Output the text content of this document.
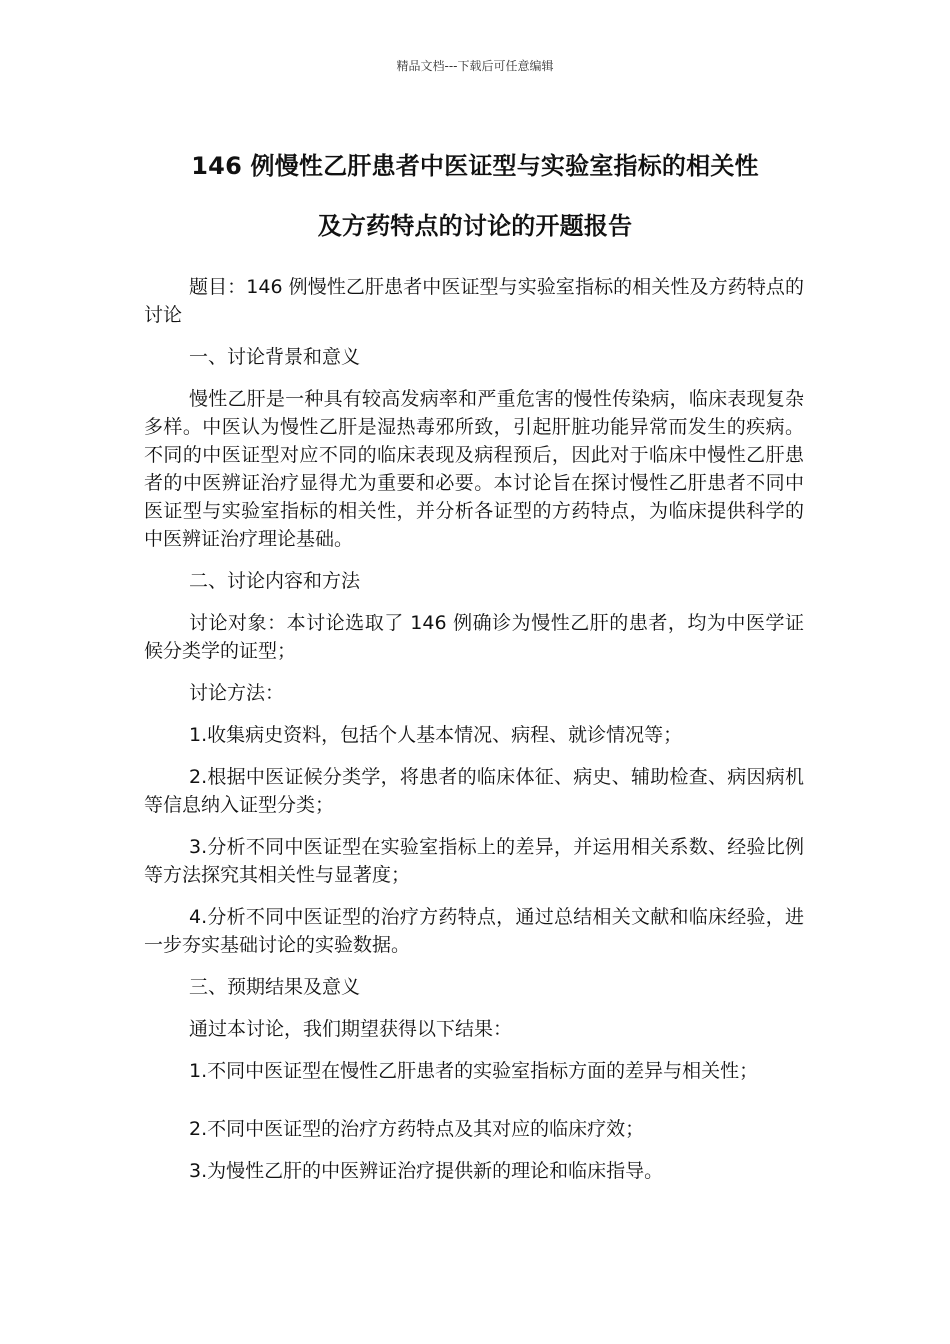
精品文档---下载后可任意编辑
146 例慢性乙肝患者中医证型与实验室指标的相关性
及方药特点的讨论的开题报告

题目：146 例慢性乙肝患者中医证型与实验室指标的相关性及方药特点的讨论

一、讨论背景和意义

慢性乙肝是一种具有较高发病率和严重危害的慢性传染病，临床表现复杂多样。中医认为慢性乙肝是湿热毒邪所致，引起肝脏功能异常而发生的疾病。不同的中医证型对应不同的临床表现及病程预后，因此对于临床中慢性乙肝患者的中医辨证治疗显得尤为重要和必要。本讨论旨在探讨慢性乙肝患者不同中医证型与实验室指标的相关性，并分析各证型的方药特点，为临床提供科学的中医辨证治疗理论基础。

二、讨论内容和方法

讨论对象：本讨论选取了 146 例确诊为慢性乙肝的患者，均为中医学证候分类学的证型；

讨论方法：

1.收集病史资料，包括个人基本情况、病程、就诊情况等；

2.根据中医证候分类学，将患者的临床体征、病史、辅助检查、病因病机等信息纳入证型分类；

3.分析不同中医证型在实验室指标上的差异，并运用相关系数、经验比例等方法探究其相关性与显著度；

4.分析不同中医证型的治疗方药特点，通过总结相关文献和临床经验，进一步夯实基础讨论的实验数据。

三、预期结果及意义

通过本讨论，我们期望获得以下结果：

1.不同中医证型在慢性乙肝患者的实验室指标方面的差异与相关性；

2.不同中医证型的治疗方药特点及其对应的临床疗效；

3.为慢性乙肝的中医辨证治疗提供新的理论和临床指导。
